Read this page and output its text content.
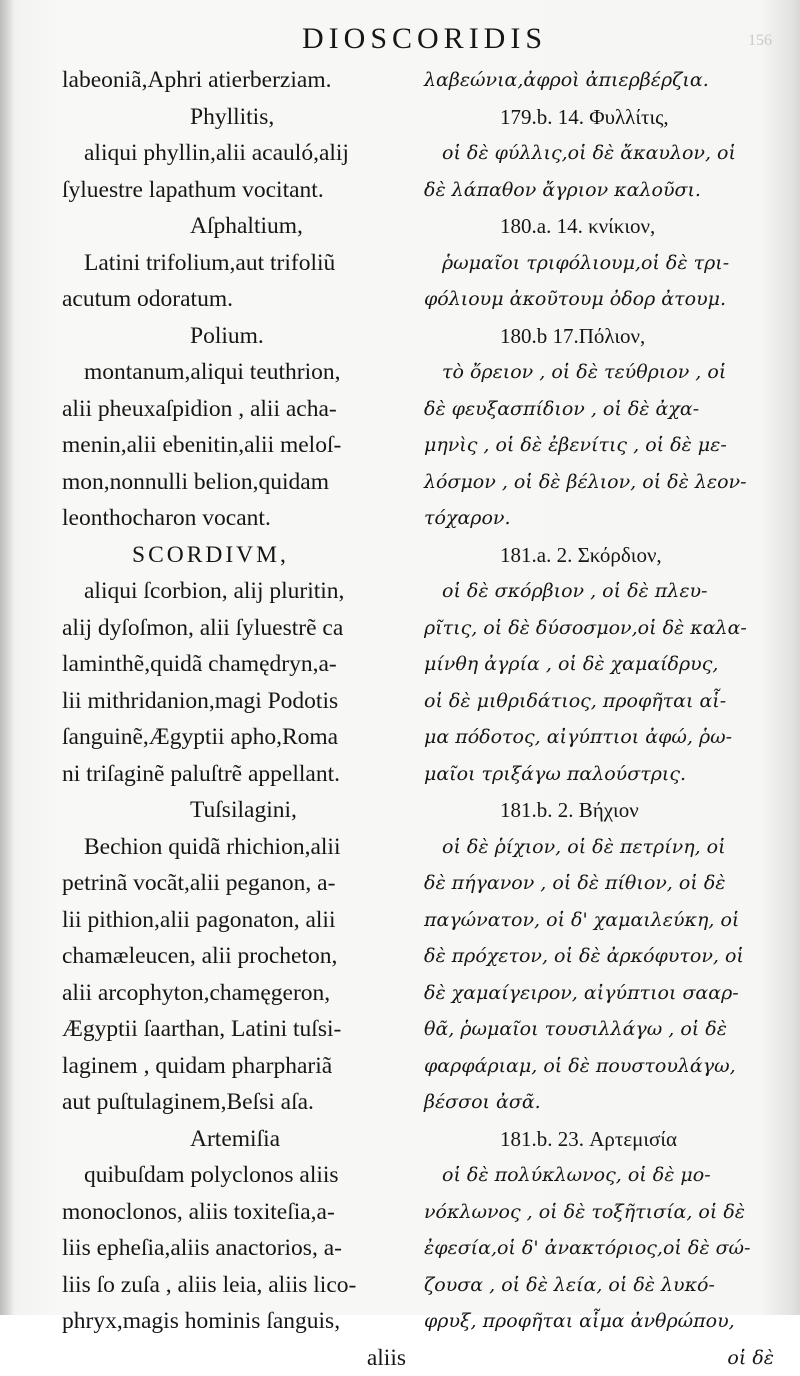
DIOSCORIDIS	156
labeoniã,Aphri atierberziam.
Phyllitis,
aliqui phyllin,alii acauló,alij
ſyluestre lapathum vocitant.
Aſphaltium,
Latini trifolium,aut trifoliũ
acutum odoratum.
Polium.
montanum,aliqui teuthrion,
alii pheuxaſpidion , alii acha-
menin,alii ebenitin,alii meloſ-
mon,nonnulli belion,quidam
leonthocharon vocant.
SCORDIVM,
aliqui ſcorbion, alij pluritin,
alij dyſoſmon, alii ſyluestrẽ ca
laminthẽ,quidã chamędryn,a-
lii mithridanion,magi Podotis
ſanguinẽ,Ægyptii apho,Roma
ni triſaginẽ paluſtrẽ appellant.
Tuſsilagini,
Bechion quidã rhichion,alii
petrinã vocãt,alii peganon, a-
lii pithion,alii pagonaton, alii
chamæleucen, alii procheton,
alii arcophyton,chamęgeron,
Ægyptii ſaarthan, Latini tuſsi-
laginem , quidam pharphariã
aut puſtulaginem,Beſsi aſa.
Artemiſia
quibuſdam polyclonos aliis
monoclonos, aliis toxiteſia,a-
liis epheſia,aliis anactorios, a-
liis ſo zuſa , aliis leia, aliis lico-
phryx,magis hominis ſanguis,
aliis
λαβεώνια,ἀφροὶ ἀπιερβέρζια.
179.b. 14. Φυλλίτις,
οἱ δὲ φύλλις,οἱ δὲ ἄκαυλον, οἱ
δὲ λάπαθον ἄγριον καλοῦσι.
180.a. 14. κνίκιον,
ῥωμαῖοι τριφόλιουμ,οἱ δὲ τρι-
φόλιουμ ἀκοῦτουμ ὀδορ ἀτουμ.
180.b 17.Πόλιον,
τὸ ὄρειον , οἱ δὲ τεύθριον , οἱ
δὲ φευξασπίδιον , οἱ δὲ ἀχα-
μηνὶς , οἱ δὲ ἐβενίτις , οἱ δὲ με-
λόσμον , οἱ δὲ βέλιον, οἱ δὲ λεον-
τόχαρον.
181.a. 2. Σκόρδιον,
οἱ δὲ σκόρβιον , οἱ δὲ πλευ-
ρῖτις, οἱ δὲ δύσοσμον,οἱ δὲ καλα-
μίνθη ἀγρία , οἱ δὲ χαμαίδρυς,
οἱ δὲ μιθριδάτιος, προφῆται αἷ-
μα πόδοτος, αἰγύπτιοι ἀφώ, ῥω-
μαῖοι τριξάγω παλούστρις.
181.b. 2. Βήχιον
οἱ δὲ ῥίχιον, οἱ δὲ πετρίνη, οἱ
δὲ πήγανον , οἱ δὲ πίθιον, οἱ δὲ
παγώνατον, οἱ δ' χαμαιλεύκη, οἱ
δὲ πρόχετον, οἱ δὲ ἀρκόφυτον, οἱ
δὲ χαμαίγειρον, αἰγύπτιοι σααρ-
θᾶ, ῥωμαῖοι τουσιλλάγω , οἱ δὲ
φαρφάριαμ, οἱ δὲ πουστουλάγω,
βέσσοι ἀσᾶ.
181.b. 23. Αρτεμισία
οἱ δὲ πολύκλωνος, οἱ δὲ μο-
νόκλωνος , οἱ δὲ τοξῆτισία, οἱ δὲ
ἐφεσία,οἱ δ' ἀνακτόριος,οἱ δὲ σώ-
ζουσα , οἱ δὲ λεία, οἱ δὲ λυκό-
φρυξ, προφῆται αἷμα ἀνθρώπου,
οἱ δὲ
